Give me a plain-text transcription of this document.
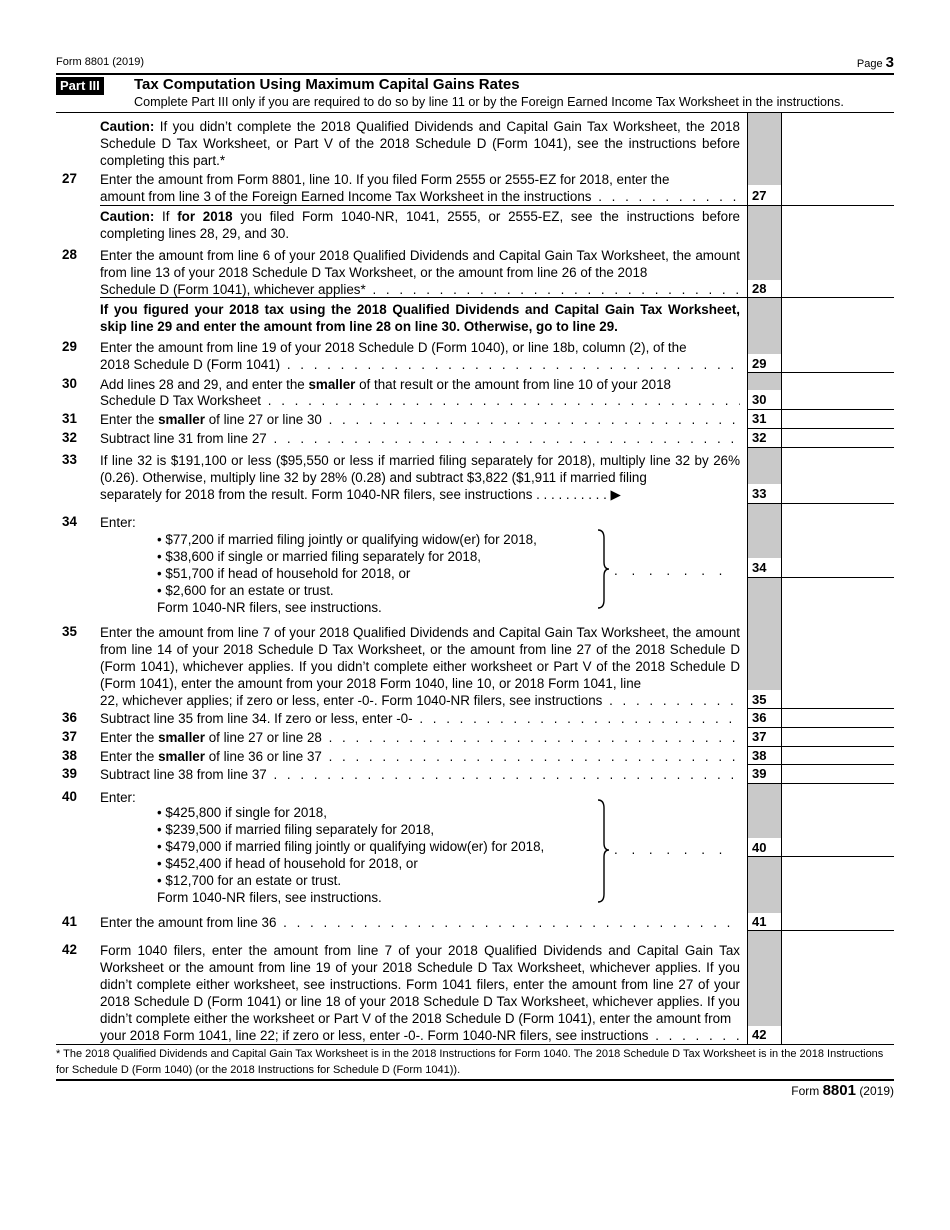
Form 8801 (2019)	Page 3
Part III Tax Computation Using Maximum Capital Gains Rates
Complete Part III only if you are required to do so by line 11 or by the Foreign Earned Income Tax Worksheet in the instructions.
27
28
29
30
31
32
33
34
35
36
37
38
39
40
41
42
Caution: If you didn’t complete the 2018 Qualified Dividends and Capital Gain Tax Worksheet, the 2018 Schedule D Tax Worksheet, or Part V of the 2018 Schedule D (Form 1041), see the instructions before completing this part.*
27 Enter the amount from Form 8801, line 10. If you filed Form 2555 or 2555-EZ for 2018, enter the
amount from line 3 of the Foreign Earned Income Tax Worksheet in the instructions . . .
Caution: If for 2018 you filed Form 1040-NR, 1041, 2555, or 2555-EZ, see the instructions before completing lines 28, 29, and 30.
28 Enter the amount from line 6 of your 2018 Qualified Dividends and Capital Gain Tax Worksheet, the amount from line 13 of your 2018 Schedule D Tax Worksheet, or the amount from line 26 of the 2018
Schedule D (Form 1041), whichever applies* . . .
If you figured your 2018 tax using the 2018 Qualified Dividends and Capital Gain Tax Worksheet, skip line 29 and enter the amount from line 28 on line 30. Otherwise, go to line 29.
29 Enter the amount from line 19 of your 2018 Schedule D (Form 1040), or line 18b, column (2), of the
2018 Schedule D (Form 1041) . . .
30 Add lines 28 and 29, and enter the smaller of that result or the amount from line 10 of your 2018
Schedule D Tax Worksheet . . .
31 Enter the smaller of line 27 or line 30 . . .
32 Subtract line 31 from line 27 . . .
33 If line 32 is $191,100 or less ($95,550 or less if married filing separately for 2018), multiply line 32 by 26% (0.26). Otherwise, multiply line 32 by 28% (0.28) and subtract $3,822 ($1,911 if married filing
separately for 2018 from the result. Form 1040-NR filers, see instructions . . . . . . . . . . ▶
34 Enter:
• $77,200 if married filing jointly or qualifying widow(er) for 2018,
• $38,600 if single or married filing separately for 2018,
• $51,700 if head of household for 2018, or
• $2,600 for an estate or trust.
Form 1040-NR filers, see instructions.
. . . . . . .
35 Enter the amount from line 7 of your 2018 Qualified Dividends and Capital Gain Tax Worksheet, the amount from line 14 of your 2018 Schedule D Tax Worksheet, or the amount from line 27 of the 2018 Schedule D (Form 1041), whichever applies. If you didn’t complete either worksheet or Part V of the 2018 Schedule D (Form 1041), enter the amount from your 2018 Form 1040, line 10, or 2018 Form 1041, line
22, whichever applies; if zero or less, enter -0-. Form 1040-NR filers, see instructions . . .
36 Subtract line 35 from line 34. If zero or less, enter -0- . . .
37 Enter the smaller of line 27 or line 28 . . .
38 Enter the smaller of line 36 or line 37 . . .
39 Subtract line 38 from line 37 . . .
40 Enter:
• $425,800 if single for 2018,
• $239,500 if married filing separately for 2018,
• $479,000 if married filing jointly or qualifying widow(er) for 2018,
• $452,400 if head of household for 2018, or
• $12,700 for an estate or trust.
Form 1040-NR filers, see instructions.
. . . . . . .
41 Enter the amount from line 36 . . .
42 Form 1040 filers, enter the amount from line 7 of your 2018 Qualified Dividends and Capital Gain Tax Worksheet or the amount from line 19 of your 2018 Schedule D Tax Worksheet, whichever applies. If you didn’t complete either worksheet, see instructions. Form 1041 filers, enter the amount from line 27 of your 2018 Schedule D (Form 1041) or line 18 of your 2018 Schedule D Tax Worksheet, whichever applies. If you didn’t complete either the worksheet or Part V of the 2018 Schedule D (Form 1041), enter the amount from
your 2018 Form 1041, line 22; if zero or less, enter -0-. Form 1040-NR filers, see instructions . . .
* The 2018 Qualified Dividends and Capital Gain Tax Worksheet is in the 2018 Instructions for Form 1040. The 2018 Schedule D Tax Worksheet is in the 2018 Instructions for Schedule D (Form 1040) (or the 2018 Instructions for Schedule D (Form 1041)).
Form 8801 (2019)
